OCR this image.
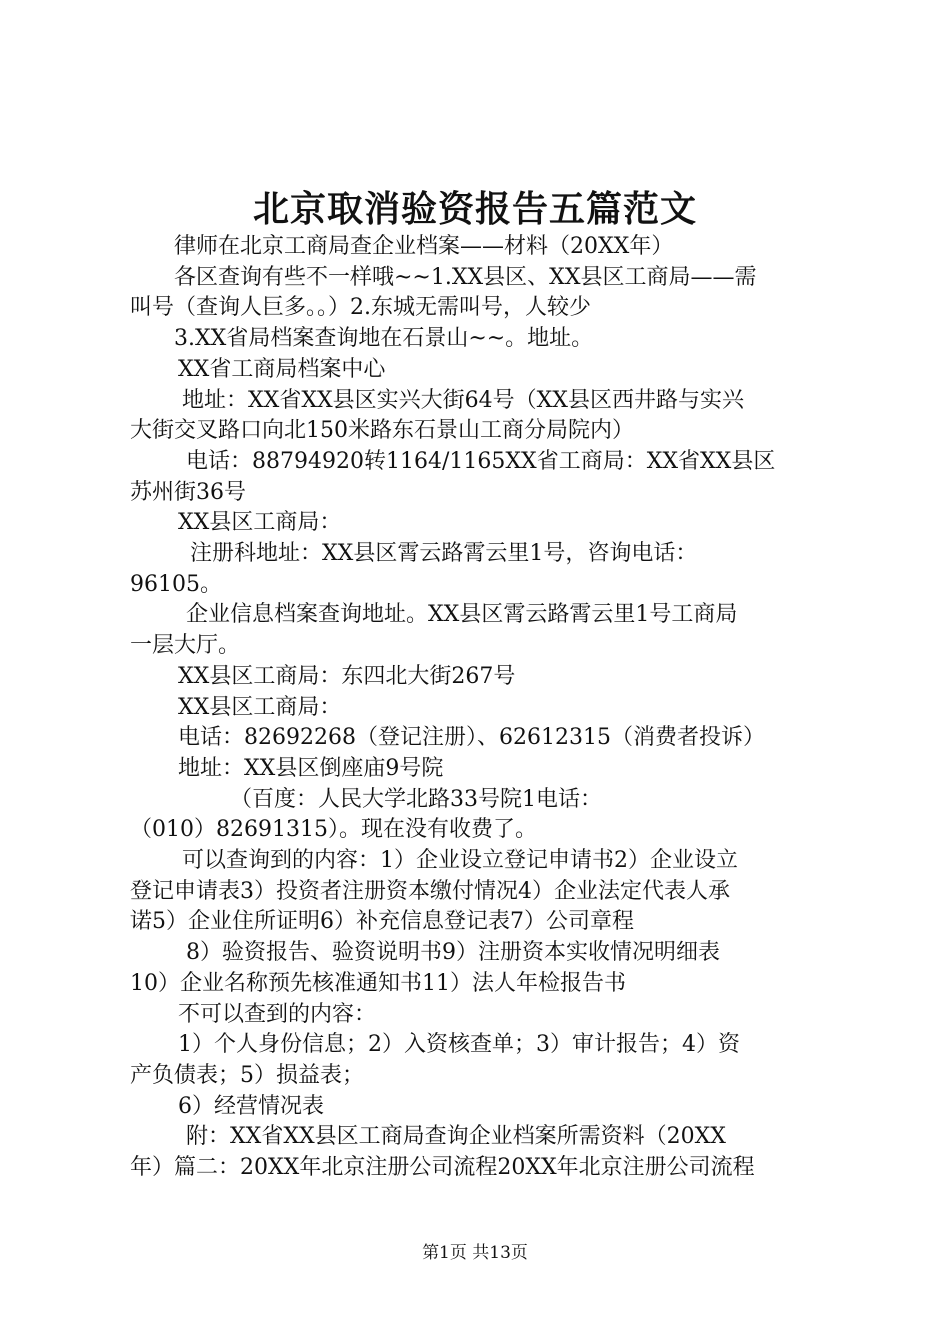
北京取消验资报告五篇范文

律师在北京工商局查企业档案——材料（20XX年）

各区查询有些不一样哦~~1.XX县区、XX县区工商局——需

叫号（查询人巨多。。）2.东城无需叫号，人较少

3.XX省局档案查询地在石景山~~。地址。

XX省工商局档案中心

地址：XX省XX县区实兴大街64号（XX县区西井路与实兴

大街交叉路口向北150米路东石景山工商分局院内）

电话：88794920转1164/1165XX省工商局：XX省XX县区

苏州街36号

XX县区工商局：

注册科地址：XX县区霄云路霄云里1号，咨询电话：

96105。

企业信息档案查询地址。XX县区霄云路霄云里1号工商局

一层大厅。

XX县区工商局：东四北大街267号

XX县区工商局：

电话：82692268（登记注册）、62612315（消费者投诉）

地址：XX县区倒座庙9号院

（百度：人民大学北路33号院1电话：

（010）82691315）。现在没有收费了。

可以查询到的内容：1）企业设立登记申请书2）企业设立

登记申请表3）投资者注册资本缴付情况4）企业法定代表人承

诺5）企业住所证明6）补充信息登记表7）公司章程

8）验资报告、验资说明书9）注册资本实收情况明细表

10）企业名称预先核准通知书11）法人年检报告书

不可以查到的内容：

1）个人身份信息；2）入资核查单；3）审计报告；4）资

产负债表；5）损益表；

6）经营情况表

附：XX省XX县区工商局查询企业档案所需资料（20XX

年）篇二：20XX年北京注册公司流程20XX年北京注册公司流程

第1页 共13页
